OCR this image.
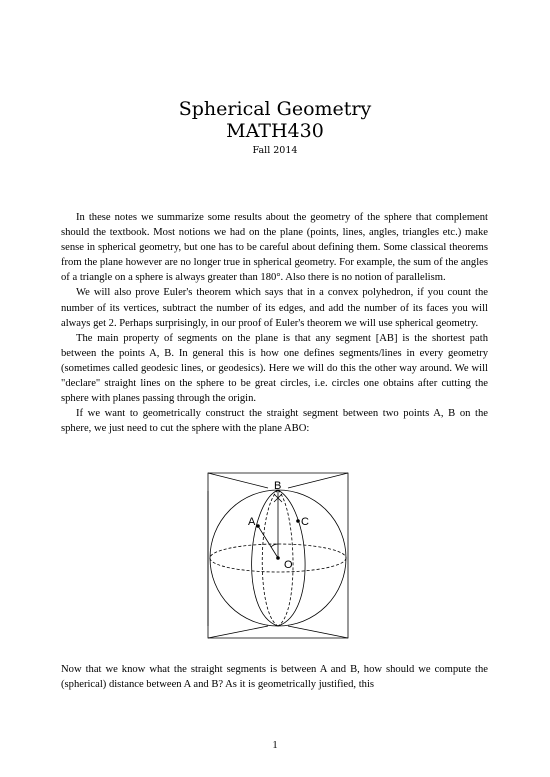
Spherical Geometry
MATH430
Fall 2014

In these notes we summarize some results about the geometry of the sphere that complement should the textbook. Most notions we had on the plane (points, lines, angles, triangles etc.) make sense in spherical geometry, but one has to be careful about defining them. Some classical theorems from the plane however are no longer true in spherical geometry. For example, the sum of the angles of a triangle on a sphere is always greater than 180°. Also there is no notion of parallelism.

We will also prove Euler's theorem which says that in a convex polyhedron, if you count the number of its vertices, subtract the number of its edges, and add the number of its faces you will always get 2. Perhaps surprisingly, in our proof of Euler's theorem we will use spherical geometry.

The main property of segments on the plane is that any segment [AB] is the shortest path between the points A, B. In general this is how one defines segments/lines in every geometry (sometimes called geodesic lines, or geodesics). Here we will do this the other way around. We will "declare" straight lines on the sphere to be great circles, i.e. circles one obtains after cutting the sphere with planes passing through the origin.

If we want to geometrically construct the straight segment between two points A, B on the sphere, we just need to cut the sphere with the plane ABO:

B
A	C
O

Now that we know what the straight segments is between A and B, how should we compute the (spherical) distance between A and B? As it is geometrically justified, this

1
